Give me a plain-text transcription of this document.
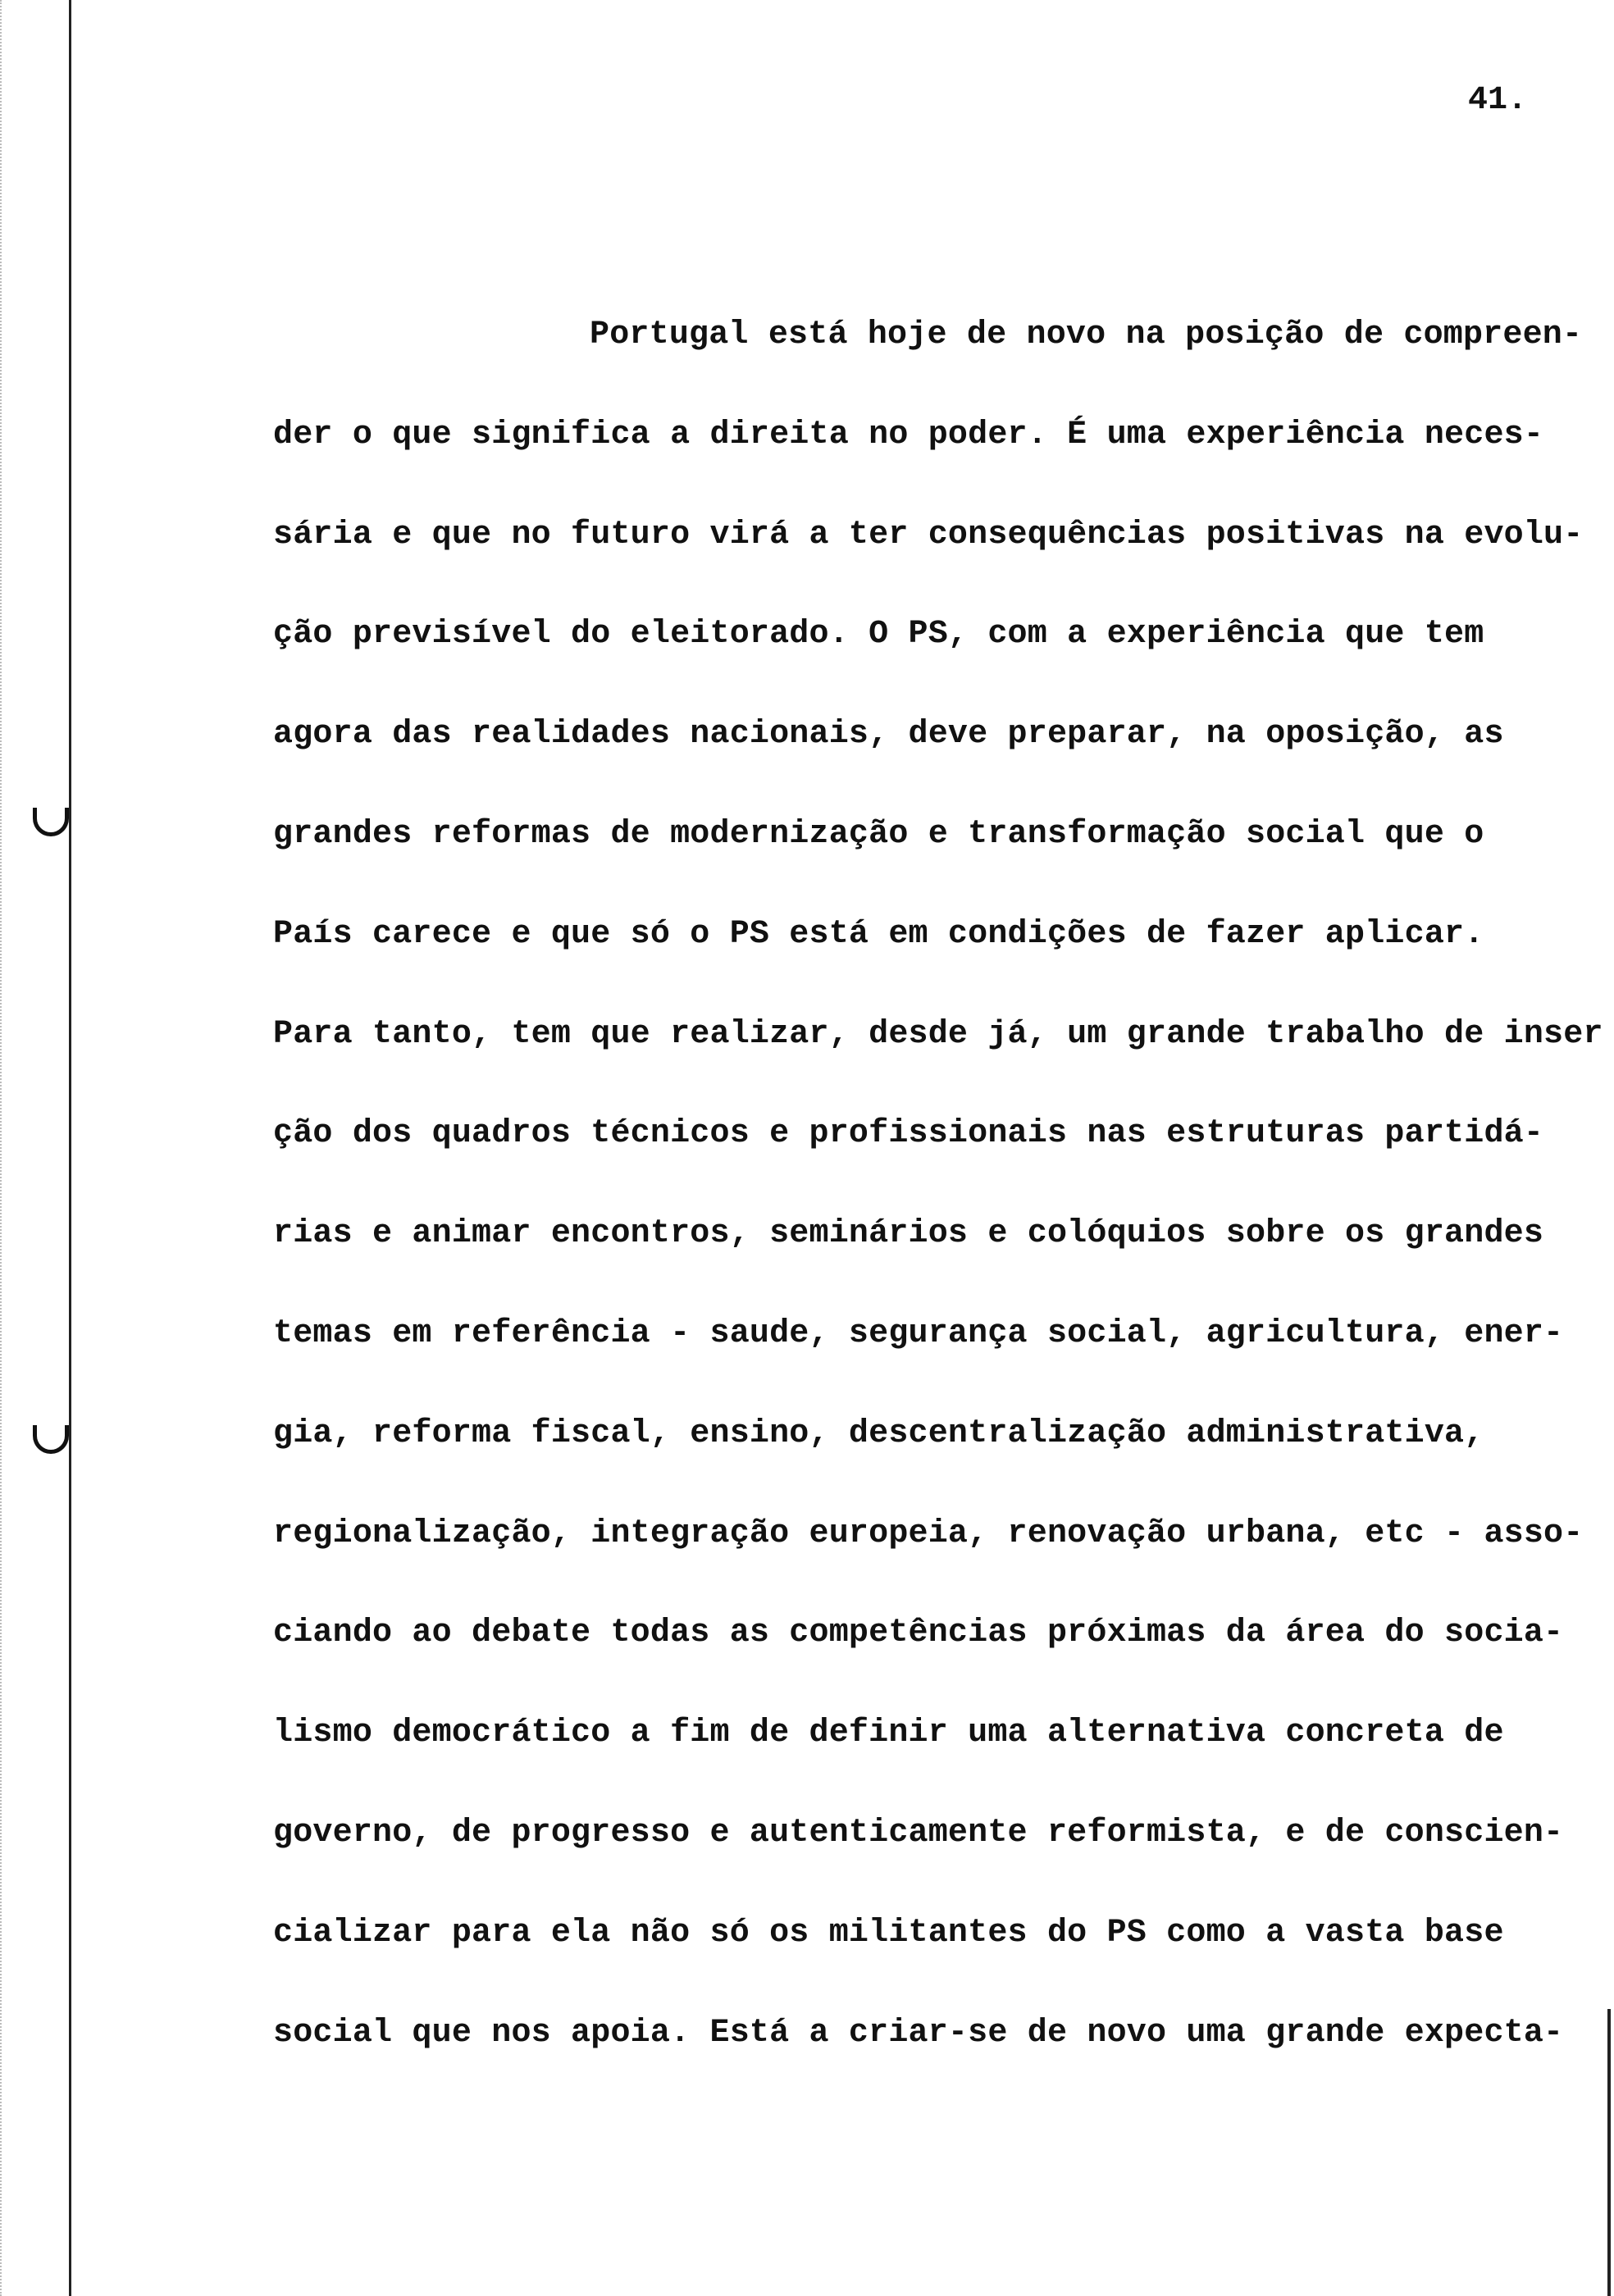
41.
Portugal está hoje de novo na posição de compreen-
der o que significa a direita no poder. É uma experiência neces-
sária e que no futuro virá a ter consequências positivas na evolu-
ção previsível do eleitorado. O PS, com a experiência que tem
agora das realidades nacionais, deve preparar, na oposição, as
grandes reformas de modernização e transformação social que o
País carece e que só o PS está em condições de fazer aplicar.
Para tanto, tem que realizar, desde já, um grande trabalho de inser
ção dos quadros técnicos e profissionais nas estruturas partidá-
rias e animar encontros, seminários e colóquios sobre os grandes
temas em referência - saude, segurança social, agricultura, ener-
gia, reforma fiscal, ensino, descentralização administrativa,
regionalização, integração europeia, renovação urbana, etc - asso-
ciando ao debate todas as competências próximas da área do socia-
lismo democrático a fim de definir uma alternativa concreta de
governo, de progresso e autenticamente reformista, e de conscien-
cializar para ela não só os militantes do PS como a vasta base
social que nos apoia. Está a criar-se de novo uma grande expecta-
